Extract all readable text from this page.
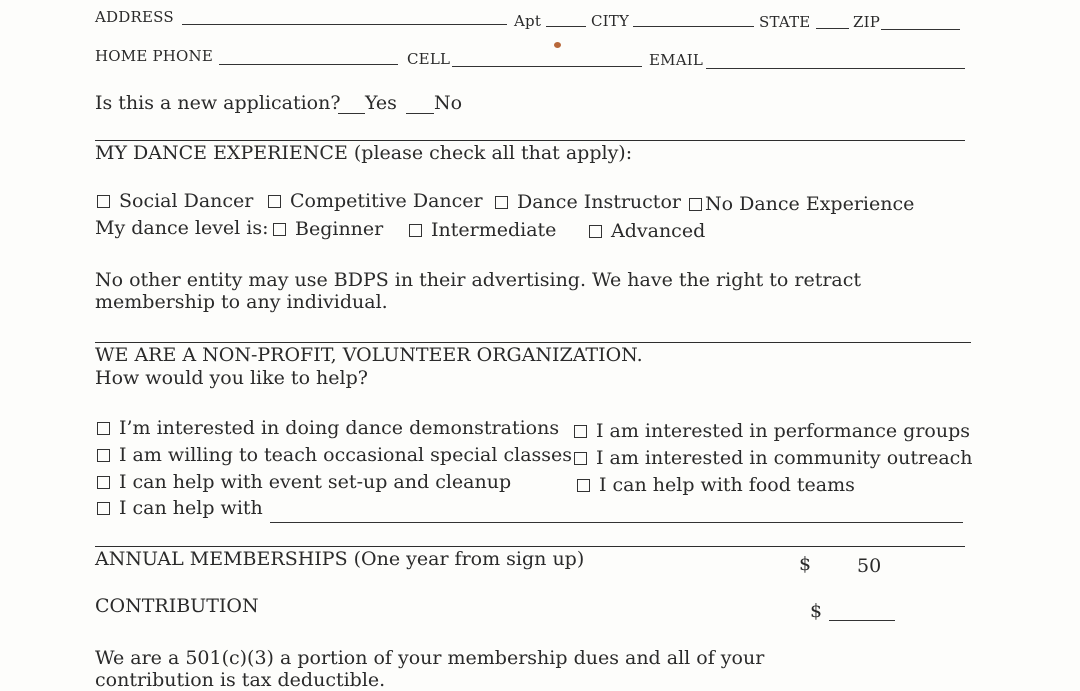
ADDRESS	Apt	CITY	STATE	ZIP
HOME PHONE	CELL	EMAIL
Is this a new application? Yes No
MY DANCE EXPERIENCE (please check all that apply):
Social Dancer	Competitive Dancer	Dance Instructor	No Dance Experience
My dance level is:	Beginner	Intermediate	Advanced
No other entity may use BDPS in their advertising. We have the right to retract
membership to any individual.
WE ARE A NON-PROFIT, VOLUNTEER ORGANIZATION.
How would you like to help?
I’m interested in doing dance demonstrations
I am willing to teach occasional special classes
I can help with event set-up and cleanup
I can help with
I am interested in performance groups
I am interested in community outreach
I can help with food teams
ANNUAL MEMBERSHIPS (One year from sign up)	$ 50
CONTRIBUTION	$
We are a 501(c)(3) a portion of your membership dues and all of your
contribution is tax deductible.
